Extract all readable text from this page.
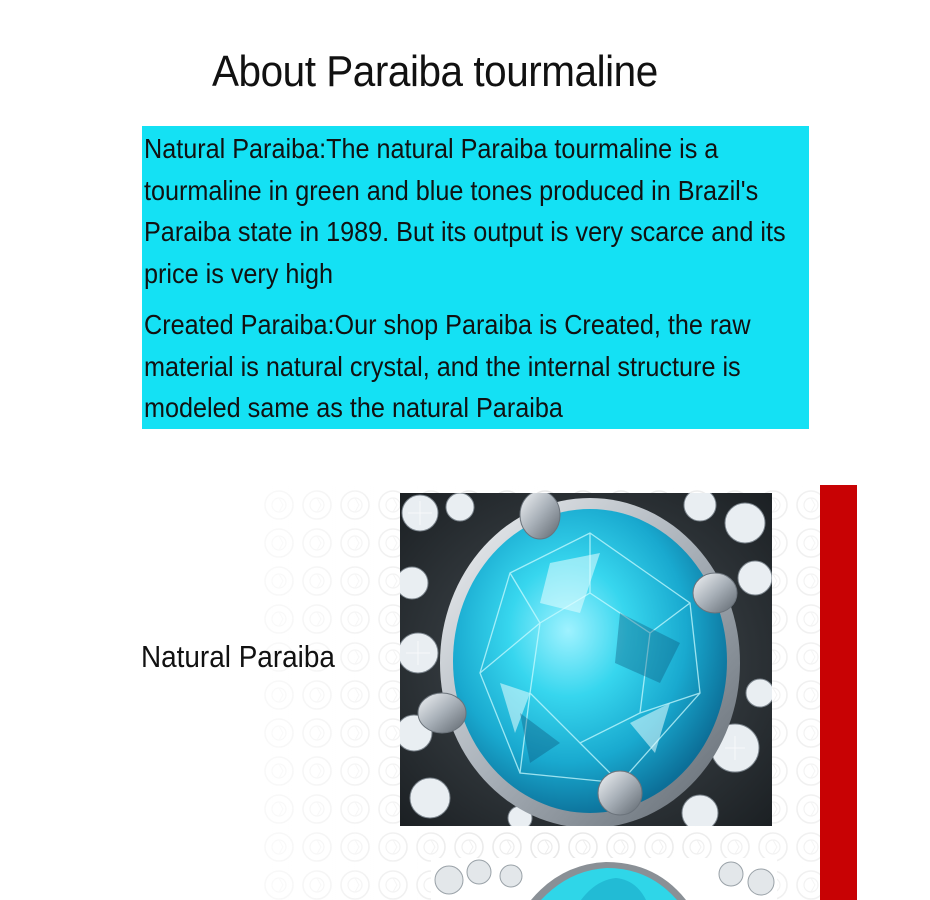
About Paraiba tourmaline

Natural Paraiba:The natural Paraiba tourmaline is a tourmaline in green and blue tones produced in Brazil's Paraiba state in 1989. But its output is very scarce and its price is very high

Created Paraiba:Our shop Paraiba is Created, the raw material is natural crystal, and the internal structure is modeled same as the natural Paraiba

Natural Paraiba
